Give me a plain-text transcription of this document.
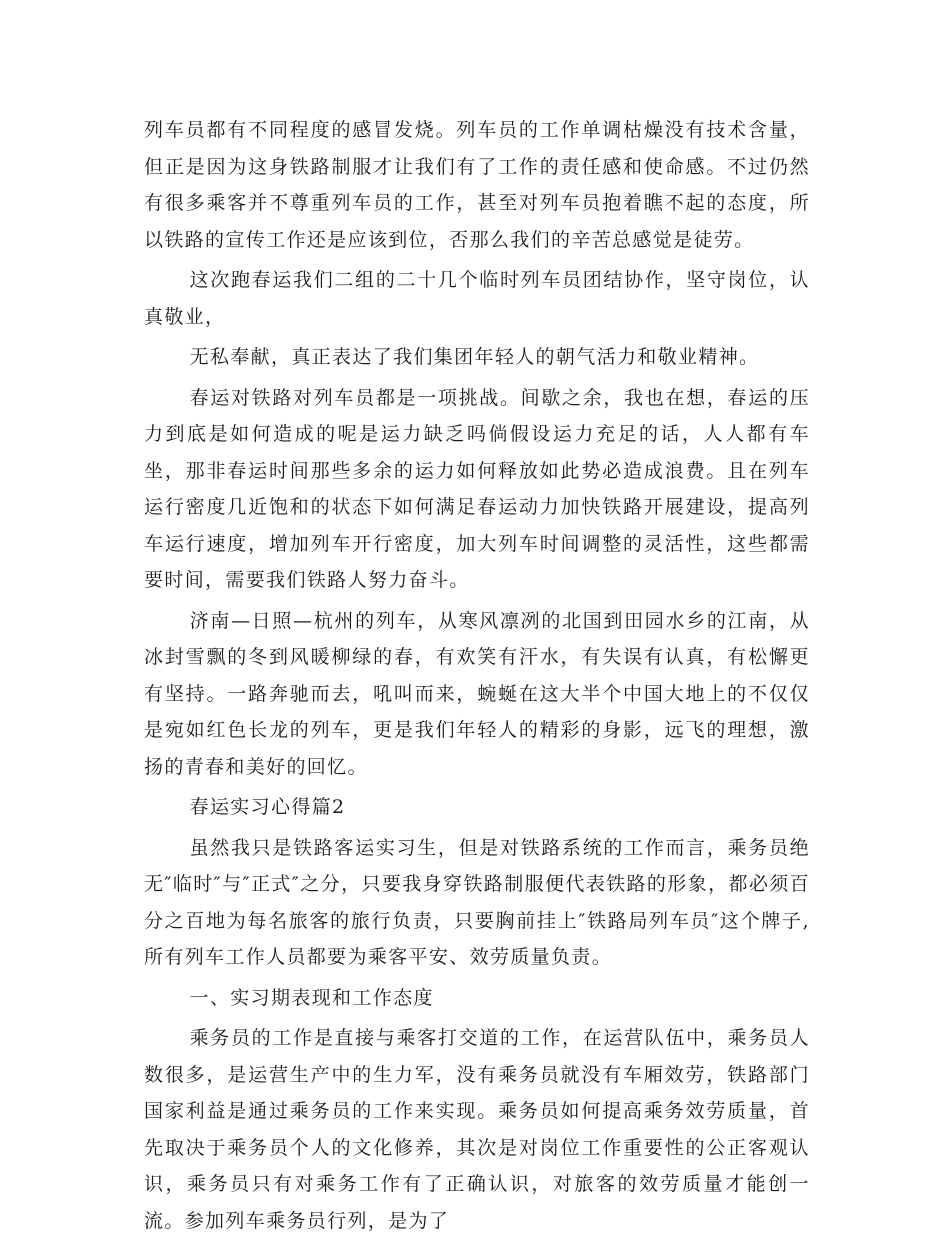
列车员都有不同程度的感冒发烧。列车员的工作单调枯燥没有技术含量，但正是因为这身铁路制服才让我们有了工作的责任感和使命感。不过仍然有很多乘客并不尊重列车员的工作，甚至对列车员抱着瞧不起的态度，所以铁路的宣传工作还是应该到位，否那么我们的辛苦总感觉是徒劳。

这次跑春运我们二组的二十几个临时列车员团结协作，坚守岗位，认真敬业，

无私奉献，真正表达了我们集团年轻人的朝气活力和敬业精神。

春运对铁路对列车员都是一项挑战。间歇之余，我也在想，春运的压力到底是如何造成的呢是运力缺乏吗倘假设运力充足的话，人人都有车坐，那非春运时间那些多余的运力如何释放如此势必造成浪费。且在列车运行密度几近饱和的状态下如何满足春运动力加快铁路开展建设，提高列车运行速度，增加列车开行密度，加大列车时间调整的灵活性，这些都需要时间，需要我们铁路人努力奋斗。

济南—日照—杭州的列车，从寒风凛冽的北国到田园水乡的江南，从冰封雪飘的冬到风暖柳绿的春，有欢笑有汗水，有失误有认真，有松懈更有坚持。一路奔驰而去，吼叫而来，蜿蜒在这大半个中国大地上的不仅仅是宛如红色长龙的列车，更是我们年轻人的精彩的身影，远飞的理想，激扬的青春和美好的回忆。

春运实习心得篇2

虽然我只是铁路客运实习生，但是对铁路系统的工作而言，乘务员绝无″临时″与″正式″之分，只要我身穿铁路制服便代表铁路的形象，都必须百分之百地为每名旅客的旅行负责，只要胸前挂上″铁路局列车员″这个牌子,所有列车工作人员都要为乘客平安、效劳质量负责。

一、实习期表现和工作态度

乘务员的工作是直接与乘客打交道的工作，在运营队伍中，乘务员人数很多，是运营生产中的生力军，没有乘务员就没有车厢效劳，铁路部门国家利益是通过乘务员的工作来实现。乘务员如何提高乘务效劳质量，首先取决于乘务员个人的文化修养，其次是对岗位工作重要性的公正客观认识，乘务员只有对乘务工作有了正确认识，对旅客的效劳质量才能创一流。参加列车乘务员行列，是为了
